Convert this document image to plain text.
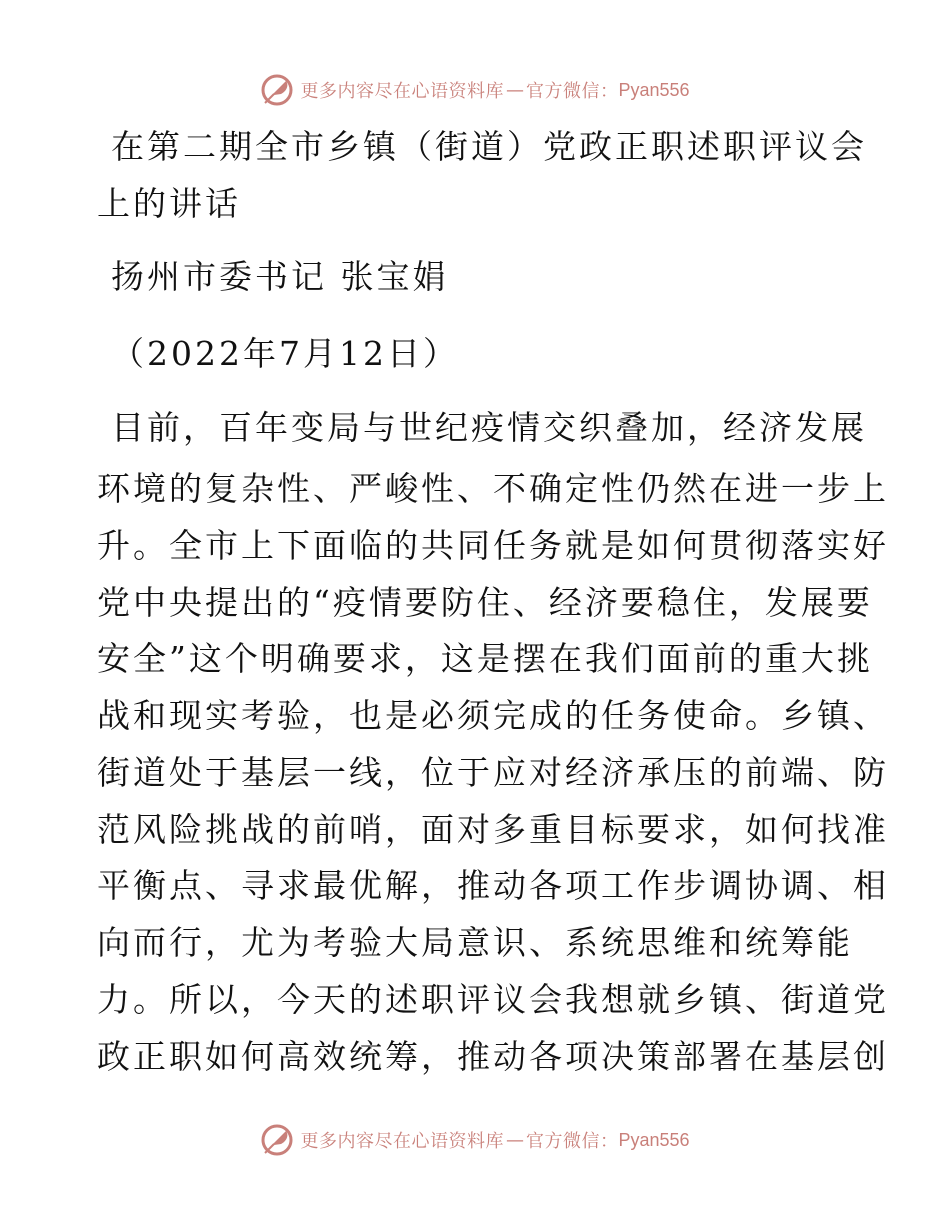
更多内容尽在心语资料库 — 官方微信： Pyan556
在第二期全市乡镇（街道）党政正职述职评议会
上的讲话
扬州市委书记 张宝娟
（2022年7月12日）
目前，百年变局与世纪疫情交织叠加，经济发展
环境的复杂性、严峻性、不确定性仍然在进一步上
升。全市上下面临的共同任务就是如何贯彻落实好
党中央提出的“疫情要防住、经济要稳住，发展要
安全”这个明确要求，这是摆在我们面前的重大挑
战和现实考验，也是必须完成的任务使命。乡镇、
街道处于基层一线，位于应对经济承压的前端、防
范风险挑战的前哨，面对多重目标要求，如何找准
平衡点、寻求最优解，推动各项工作步调协调、相
向而行，尤为考验大局意识、系统思维和统筹能
力。所以，今天的述职评议会我想就乡镇、街道党
政正职如何高效统筹，推动各项决策部署在基层创
更多内容尽在心语资料库 — 官方微信： Pyan556
